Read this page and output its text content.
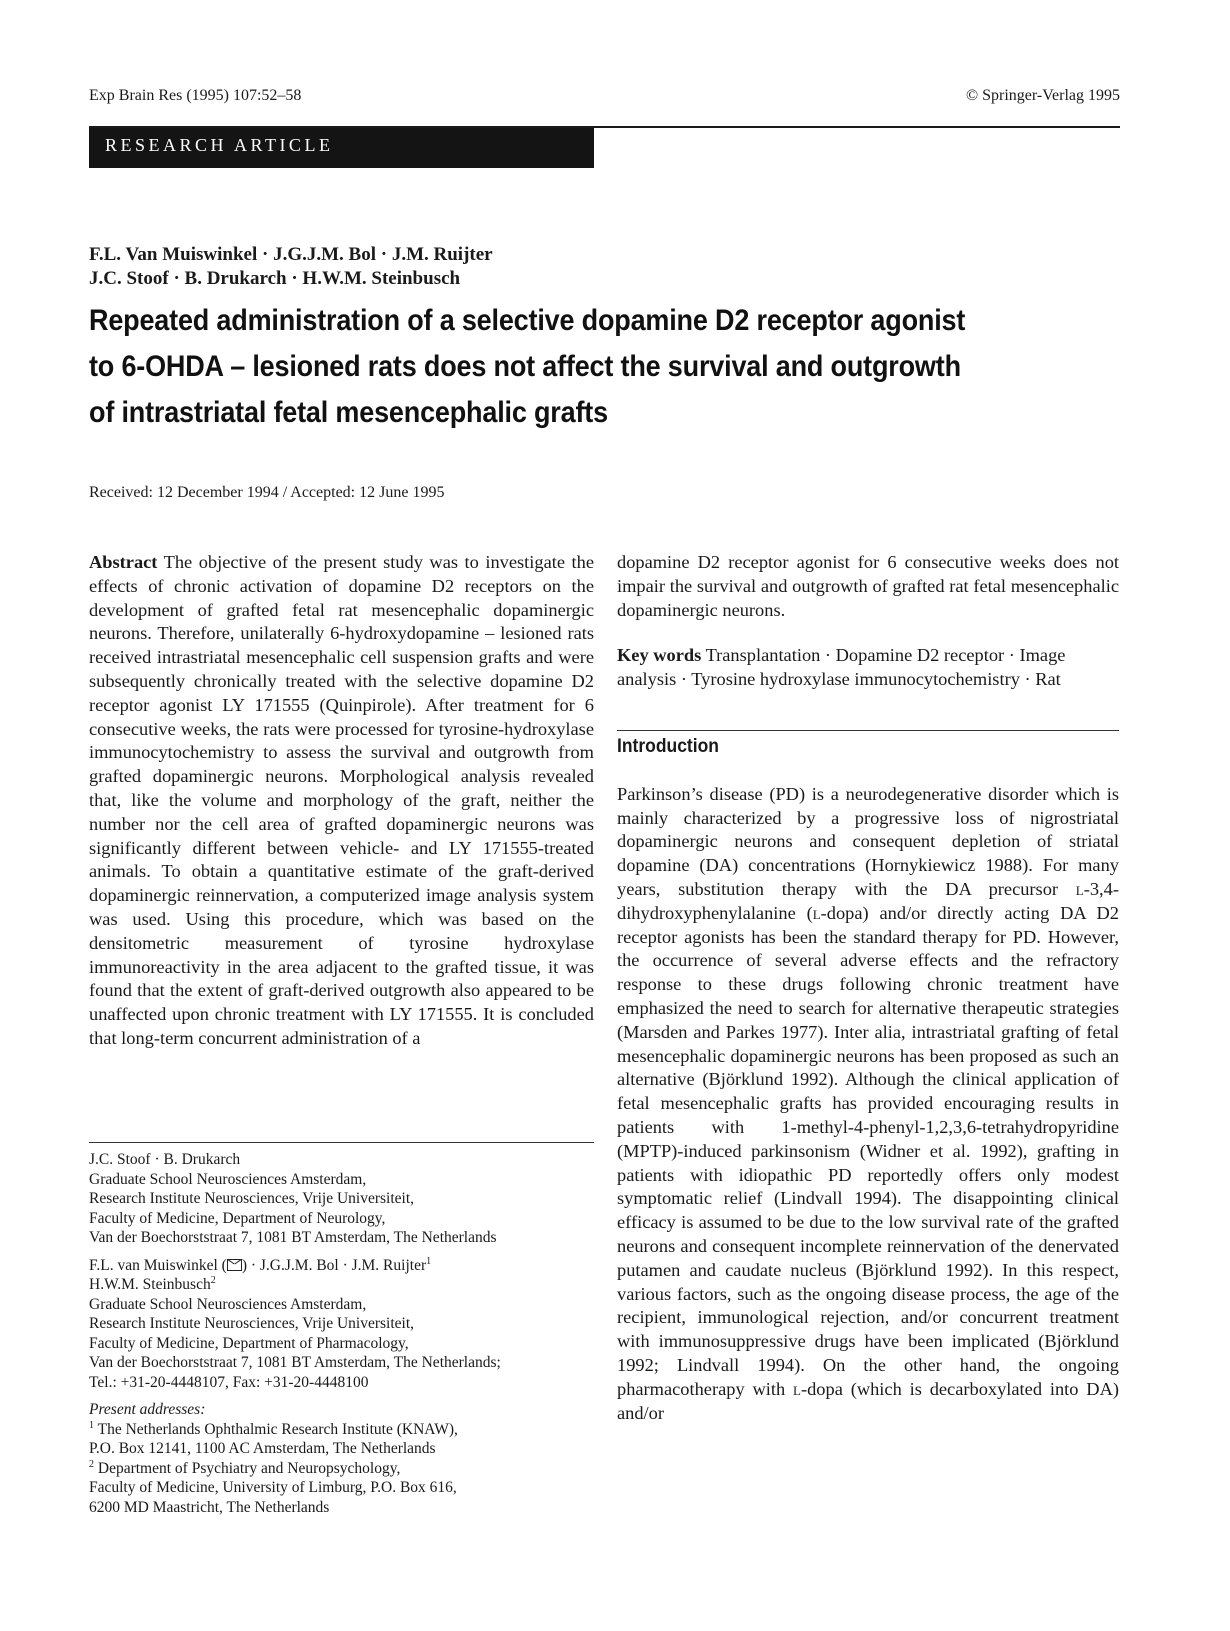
Exp Brain Res (1995) 107:52–58	© Springer-Verlag 1995
RESEARCH ARTICLE
F.L. Van Muiswinkel · J.G.J.M. Bol · J.M. Ruijter
J.C. Stoof · B. Drukarch · H.W.M. Steinbusch
Repeated administration of a selective dopamine D2 receptor agonist
to 6-OHDA – lesioned rats does not affect the survival and outgrowth
of intrastriatal fetal mesencephalic grafts
Received: 12 December 1994 / Accepted: 12 June 1995
Abstract The objective of the present study was to investigate the effects of chronic activation of dopamine D2 receptors on the development of grafted fetal rat mesencephalic dopaminergic neurons. Therefore, unilaterally 6-hydroxydopamine – lesioned rats received intrastriatal mesencephalic cell suspension grafts and were subsequently chronically treated with the selective dopamine D2 receptor agonist LY 171555 (Quinpirole). After treatment for 6 consecutive weeks, the rats were processed for tyrosine-hydroxylase immunocytochemistry to assess the survival and outgrowth from grafted dopaminergic neurons. Morphological analysis revealed that, like the volume and morphology of the graft, neither the number nor the cell area of grafted dopaminergic neurons was significantly different between vehicle- and LY 171555-treated animals. To obtain a quantitative estimate of the graft-derived dopaminergic reinnervation, a computerized image analysis system was used. Using this procedure, which was based on the densitometric measurement of tyrosine hydroxylase immunoreactivity in the area adjacent to the grafted tissue, it was found that the extent of graft-derived outgrowth also appeared to be unaffected upon chronic treatment with LY 171555. It is concluded that long-term concurrent administration of a
J.C. Stoof · B. Drukarch
Graduate School Neurosciences Amsterdam,
Research Institute Neurosciences, Vrije Universiteit,
Faculty of Medicine, Department of Neurology,
Van der Boechorststraat 7, 1081 BT Amsterdam, The Netherlands
F.L. van Muiswinkel ( ) · J.G.J.M. Bol · J.M. Ruijter$^1$
H.W.M. Steinbusch$^2$
Graduate School Neurosciences Amsterdam,
Research Institute Neurosciences, Vrije Universiteit,
Faculty of Medicine, Department of Pharmacology,
Van der Boechorststraat 7, 1081 BT Amsterdam, The Netherlands;
Tel.: +31-20-4448107, Fax: +31-20-4448100
Present addresses:
$^1$ The Netherlands Ophthalmic Research Institute (KNAW),
P.O. Box 12141, 1100 AC Amsterdam, The Netherlands
$^2$ Department of Psychiatry and Neuropsychology,
Faculty of Medicine, University of Limburg, P.O. Box 616,
6200 MD Maastricht, The Netherlands
dopamine D2 receptor agonist for 6 consecutive weeks does not impair the survival and outgrowth of grafted rat fetal mesencephalic dopaminergic neurons.
Key words Transplantation · Dopamine D2 receptor · Image analysis · Tyrosine hydroxylase immunocytochemistry · Rat
Introduction
Parkinson’s disease (PD) is a neurodegenerative disorder which is mainly characterized by a progressive loss of nigrostriatal dopaminergic neurons and consequent depletion of striatal dopamine (DA) concentrations (Hornykiewicz 1988). For many years, substitution therapy with the DA precursor l-3,4-dihydroxyphenylalanine (l-dopa) and/or directly acting DA D2 receptor agonists has been the standard therapy for PD. However, the occurrence of several adverse effects and the refractory response to these drugs following chronic treatment have emphasized the need to search for alternative therapeutic strategies (Marsden and Parkes 1977). Inter alia, intrastriatal grafting of fetal mesencephalic dopaminergic neurons has been proposed as such an alternative (Björklund 1992). Although the clinical application of fetal mesencephalic grafts has provided encouraging results in patients with 1-methyl-4-phenyl-1,2,3,6-tetrahydropyridine (MPTP)-induced parkinsonism (Widner et al. 1992), grafting in patients with idiopathic PD reportedly offers only modest symptomatic relief (Lindvall 1994). The disappointing clinical efficacy is assumed to be due to the low survival rate of the grafted neurons and consequent incomplete reinnervation of the denervated putamen and caudate nucleus (Björklund 1992). In this respect, various factors, such as the ongoing disease process, the age of the recipient, immunological rejection, and/or concurrent treatment with immunosuppressive drugs have been implicated (Björklund 1992; Lindvall 1994). On the other hand, the ongoing pharmacotherapy with l-dopa (which is decarboxylated into DA) and/or
